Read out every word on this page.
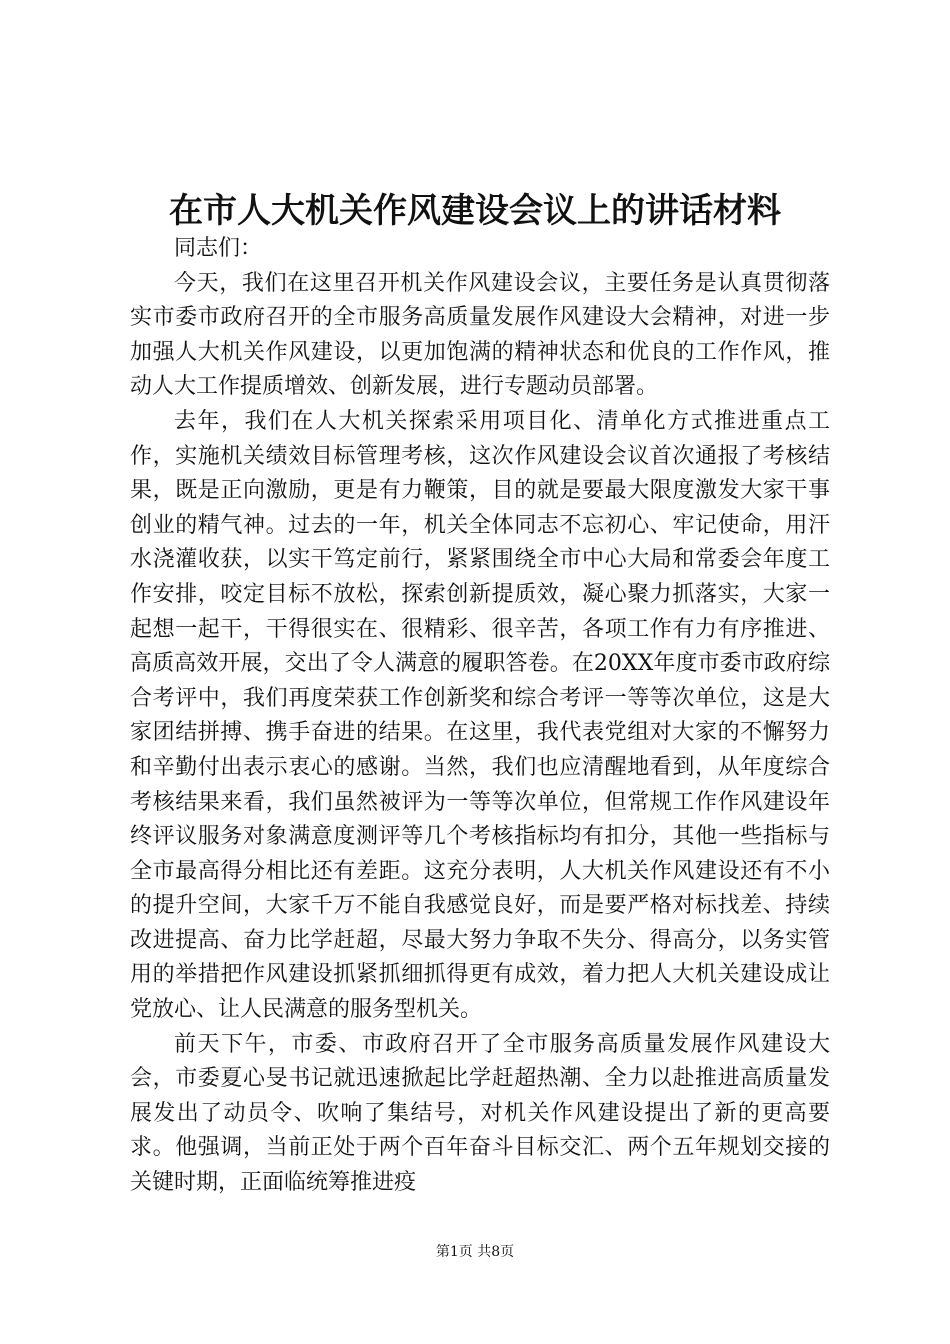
在市人大机关作风建设会议上的讲话材料

同志们：

今天，我们在这里召开机关作风建设会议，主要任务是认真贯彻落实市委市政府召开的全市服务高质量发展作风建设大会精神，对进一步加强人大机关作风建设，以更加饱满的精神状态和优良的工作作风，推动人大工作提质增效、创新发展，进行专题动员部署。

去年，我们在人大机关探索采用项目化、清单化方式推进重点工作，实施机关绩效目标管理考核，这次作风建设会议首次通报了考核结果，既是正向激励，更是有力鞭策，目的就是要最大限度激发大家干事创业的精气神。过去的一年，机关全体同志不忘初心、牢记使命，用汗水浇灌收获，以实干笃定前行，紧紧围绕全市中心大局和常委会年度工作安排，咬定目标不放松，探索创新提质效，凝心聚力抓落实，大家一起想一起干，干得很实在、很精彩、很辛苦，各项工作有力有序推进、高质高效开展，交出了令人满意的履职答卷。在20XX年度市委市政府综合考评中，我们再度荣获工作创新奖和综合考评一等等次单位，这是大家团结拼搏、携手奋进的结果。在这里，我代表党组对大家的不懈努力和辛勤付出表示衷心的感谢。当然，我们也应清醒地看到，从年度综合考核结果来看，我们虽然被评为一等等次单位，但常规工作作风建设年终评议服务对象满意度测评等几个考核指标均有扣分，其他一些指标与全市最高得分相比还有差距。这充分表明，人大机关作风建设还有不小的提升空间，大家千万不能自我感觉良好，而是要严格对标找差、持续改进提高、奋力比学赶超，尽最大努力争取不失分、得高分，以务实管用的举措把作风建设抓紧抓细抓得更有成效，着力把人大机关建设成让党放心、让人民满意的服务型机关。

前天下午，市委、市政府召开了全市服务高质量发展作风建设大会，市委夏心旻书记就迅速掀起比学赶超热潮、全力以赴推进高质量发展发出了动员令、吹响了集结号，对机关作风建设提出了新的更高要求。他强调，当前正处于两个百年奋斗目标交汇、两个五年规划交接的关键时期，正面临统筹推进疫

第1页 共8页
